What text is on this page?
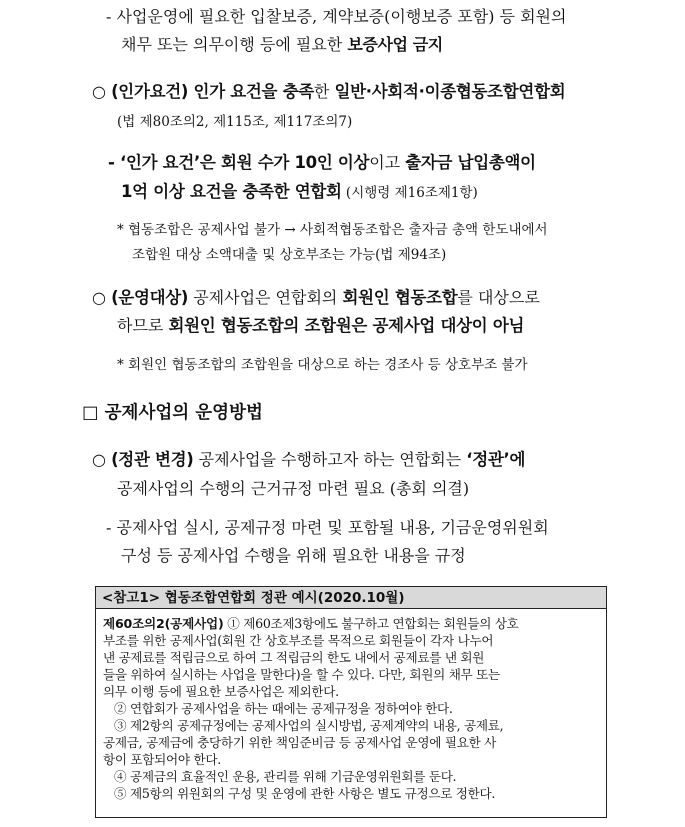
- 사업운영에 필요한 입찰보증, 계약보증(이행보증 포함) 등 회원의
채무 또는 의무이행 등에 필요한 보증사업 금지
○ (인가요건) 인가 요건을 충족한 일반·사회적·이종협동조합연합회
(법 제80조의2, 제115조, 제117조의7)
- ‘인가 요건’은 회원 수가 10인 이상이고 출자금 납입총액이
1억 이상 요건을 충족한 연합회 (시행령 제16조제1항)
* 협동조합은 공제사업 불가 → 사회적협동조합은 출자금 총액 한도내에서
조합원 대상 소액대출 및 상호부조는 가능(법 제94조)
○ (운영대상) 공제사업은 연합회의 회원인 협동조합를 대상으로
하므로 회원인 협동조합의 조합원은 공제사업 대상이 아님
* 회원인 협동조합의 조합원을 대상으로 하는 경조사 등 상호부조 불가
□ 공제사업의 운영방법
○ (정관 변경) 공제사업을 수행하고자 하는 연합회는 ‘정관’에
공제사업의 수행의 근거규정 마련 필요 (총회 의결)
- 공제사업 실시, 공제규정 마련 및 포함될 내용, 기금운영위원회
구성 등 공제사업 수행을 위해 필요한 내용을 규정
<참고1> 협동조합연합회 정관 예시(2020.10월)
제60조의2(공제사업) ① 제60조제3항에도 불구하고 연합회는 회원들의 상호
부조를 위한 공제사업(회원 간 상호부조를 목적으로 회원들이 각자 나누어
낸 공제료를 적립금으로 하여 그 적립금의 한도 내에서 공제료를 낸 회원
들을 위하여 실시하는 사업을 말한다)을 할 수 있다. 다만, 회원의 채무 또는
의무 이행 등에 필요한 보증사업은 제외한다.
② 연합회가 공제사업을 하는 때에는 공제규정을 정하여야 한다.
③ 제2항의 공제규정에는 공제사업의 실시방법, 공제계약의 내용, 공제료,
공제금, 공제금에 충당하기 위한 책임준비금 등 공제사업 운영에 필요한 사
항이 포함되어야 한다.
④ 공제금의 효율적인 운용, 관리를 위해 기금운영위원회를 둔다.
⑤ 제5항의 위원회의 구성 및 운영에 관한 사항은 별도 규정으로 정한다.
